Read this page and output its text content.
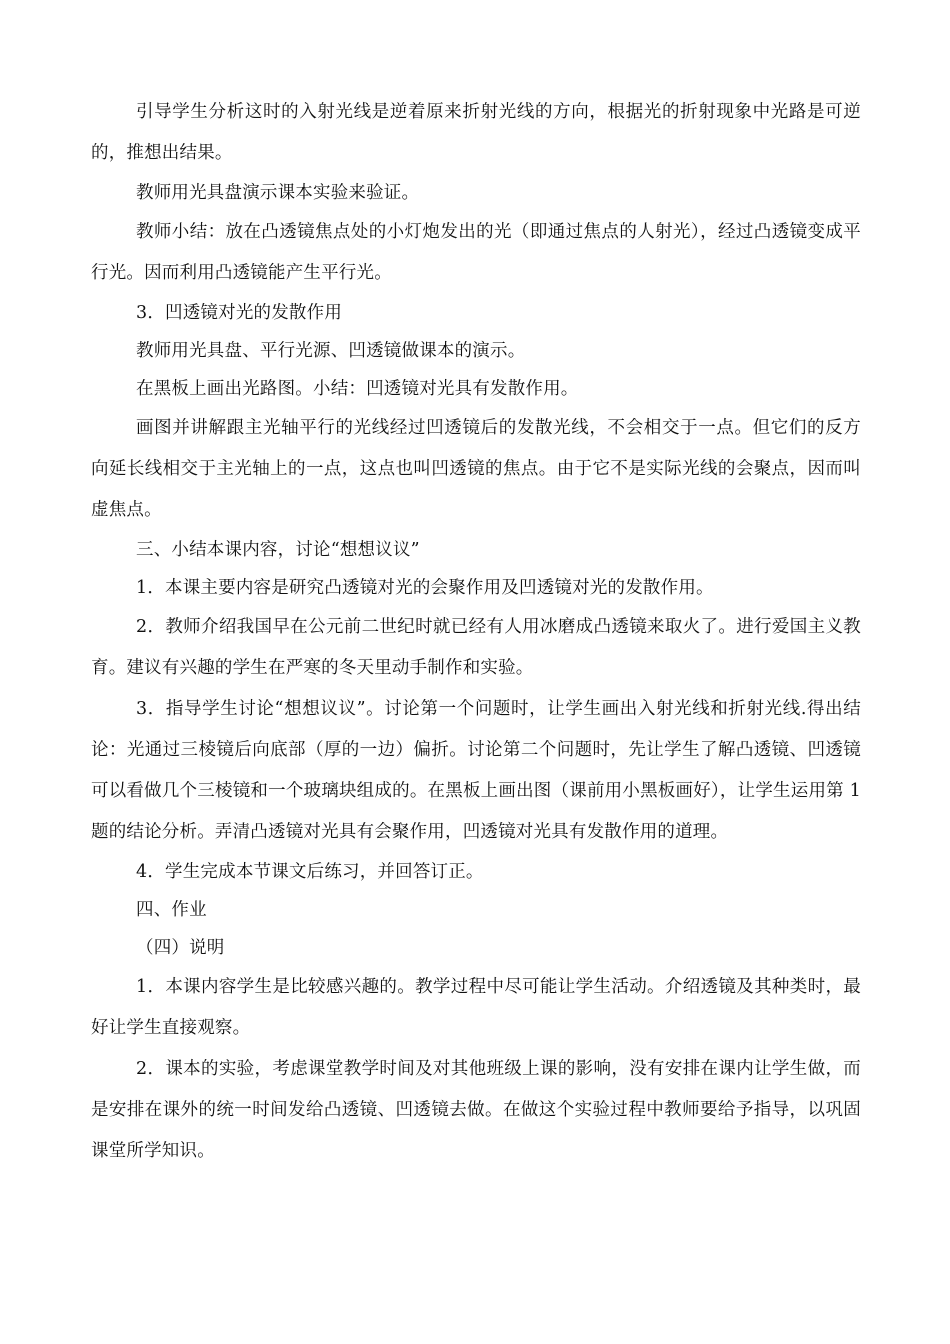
引导学生分析这时的入射光线是逆着原来折射光线的方向，根据光的折射现象中光路是可逆的，推想出结果。

教师用光具盘演示课本实验来验证。

教师小结：放在凸透镜焦点处的小灯炮发出的光（即通过焦点的人射光），经过凸透镜变成平行光。因而利用凸透镜能产生平行光。

3．凹透镜对光的发散作用

教师用光具盘、平行光源、凹透镜做课本的演示。

在黑板上画出光路图。小结：凹透镜对光具有发散作用。

画图并讲解跟主光轴平行的光线经过凹透镜后的发散光线，不会相交于一点。但它们的反方向延长线相交于主光轴上的一点，这点也叫凹透镜的焦点。由于它不是实际光线的会聚点，因而叫虚焦点。

三、小结本课内容，讨论“想想议议”

1．本课主要内容是研究凸透镜对光的会聚作用及凹透镜对光的发散作用。

2．教师介绍我国早在公元前二世纪时就已经有人用冰磨成凸透镜来取火了。进行爱国主义教育。建议有兴趣的学生在严寒的冬天里动手制作和实验。

3．指导学生讨论“想想议议”。讨论第一个问题时，让学生画出入射光线和折射光线.得出结论：光通过三棱镜后向底部（厚的一边）偏折。讨论第二个问题时，先让学生了解凸透镜、凹透镜可以看做几个三棱镜和一个玻璃块组成的。在黑板上画出图（课前用小黑板画好），让学生运用第 1 题的结论分析。弄清凸透镜对光具有会聚作用，凹透镜对光具有发散作用的道理。

4．学生完成本节课文后练习，并回答订正。

四、作业

（四）说明

1．本课内容学生是比较感兴趣的。教学过程中尽可能让学生活动。介绍透镜及其种类时，最好让学生直接观察。

2．课本的实验，考虑课堂教学时间及对其他班级上课的影响，没有安排在课内让学生做，而是安排在课外的统一时间发给凸透镜、凹透镜去做。在做这个实验过程中教师要给予指导，以巩固课堂所学知识。
